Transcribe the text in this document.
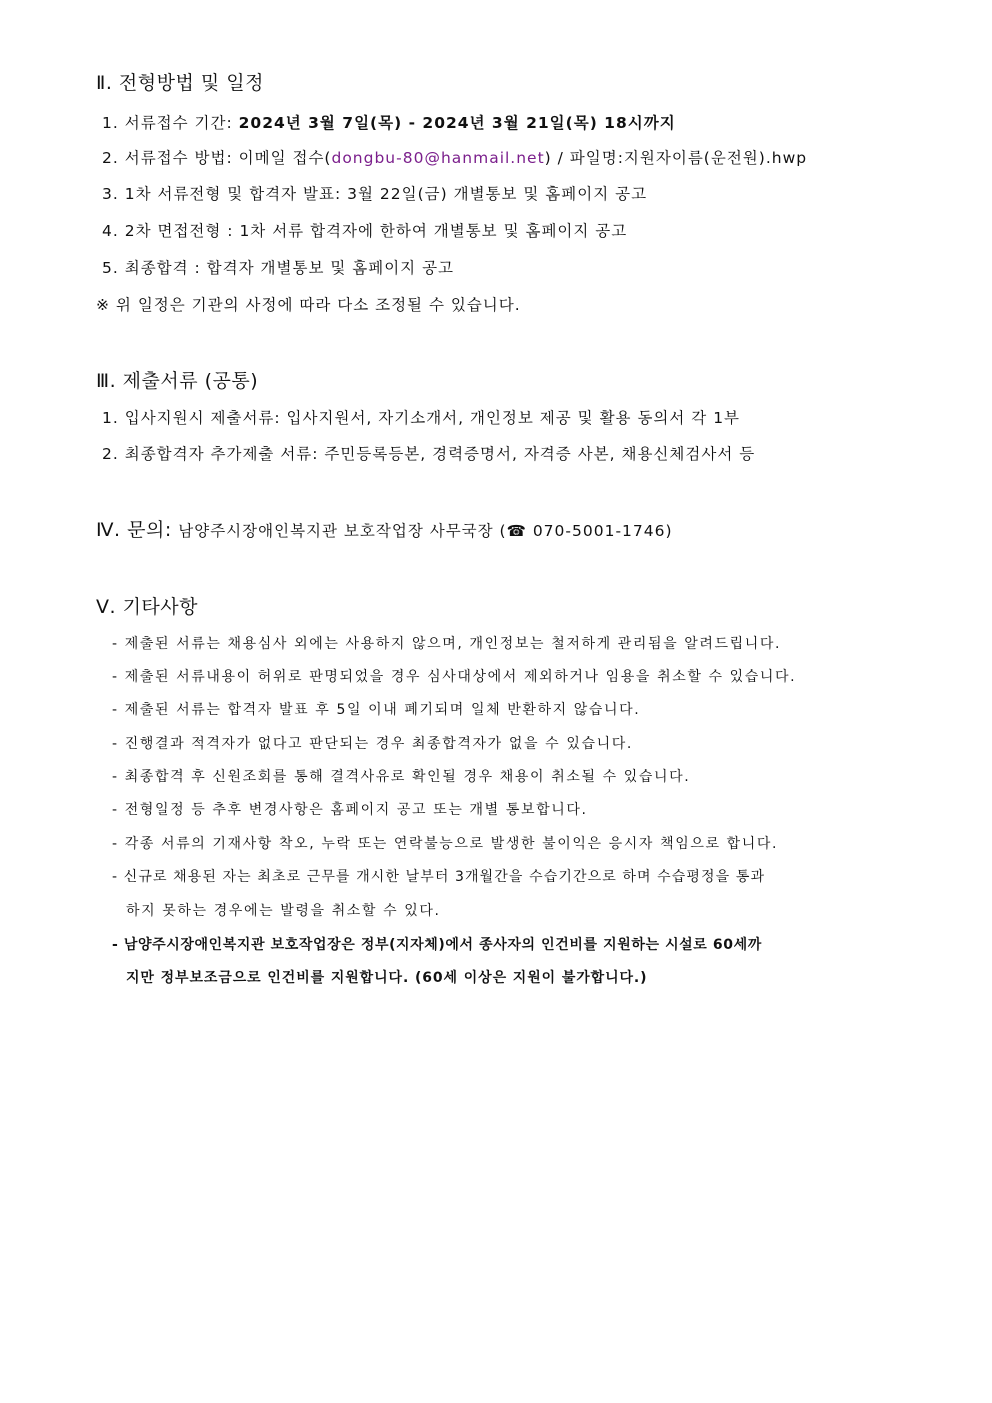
Ⅱ. 전형방법 및 일정
1. 서류접수 기간: 2024년 3월 7일(목) - 2024년 3월 21일(목) 18시까지
2. 서류접수 방법: 이메일 접수(dongbu-80@hanmail.net) / 파일명:지원자이름(운전원).hwp
3. 1차 서류전형 및 합격자 발표: 3월 22일(금) 개별통보 및 홈페이지 공고
4. 2차 면접전형 : 1차 서류 합격자에 한하여 개별통보 및 홈페이지 공고
5. 최종합격 : 합격자 개별통보 및 홈페이지 공고
※ 위 일정은 기관의 사정에 따라 다소 조정될 수 있습니다.
Ⅲ. 제출서류 (공통)
1. 입사지원시 제출서류: 입사지원서, 자기소개서, 개인정보 제공 및 활용 동의서 각 1부
2. 최종합격자 추가제출 서류: 주민등록등본, 경력증명서, 자격증 사본, 채용신체검사서 등
Ⅳ. 문의: 남양주시장애인복지관 보호작업장 사무국장 (☎ 070-5001-1746)
Ⅴ. 기타사항
- 제출된 서류는 채용심사 외에는 사용하지 않으며, 개인정보는 철저하게 관리됨을 알려드립니다.
- 제출된 서류내용이 허위로 판명되었을 경우 심사대상에서 제외하거나 임용을 취소할 수 있습니다.
- 제출된 서류는 합격자 발표 후 5일 이내 폐기되며 일체 반환하지 않습니다.
- 진행결과 적격자가 없다고 판단되는 경우 최종합격자가 없을 수 있습니다.
- 최종합격 후 신원조회를 통해 결격사유로 확인될 경우 채용이 취소될 수 있습니다.
- 전형일정 등 추후 변경사항은 홈페이지 공고 또는 개별 통보합니다.
- 각종 서류의 기재사항 착오, 누락 또는 연락불능으로 발생한 불이익은 응시자 책임으로 합니다.
- 신규로 채용된 자는 최초로 근무를 개시한 날부터 3개월간을 수습기간으로 하며 수습평정을 통과
하지 못하는 경우에는 발령을 취소할 수 있다.
- 남양주시장애인복지관 보호작업장은 정부(지자체)에서 종사자의 인건비를 지원하는 시설로 60세까
지만 정부보조금으로 인건비를 지원합니다. (60세 이상은 지원이 불가합니다.)
